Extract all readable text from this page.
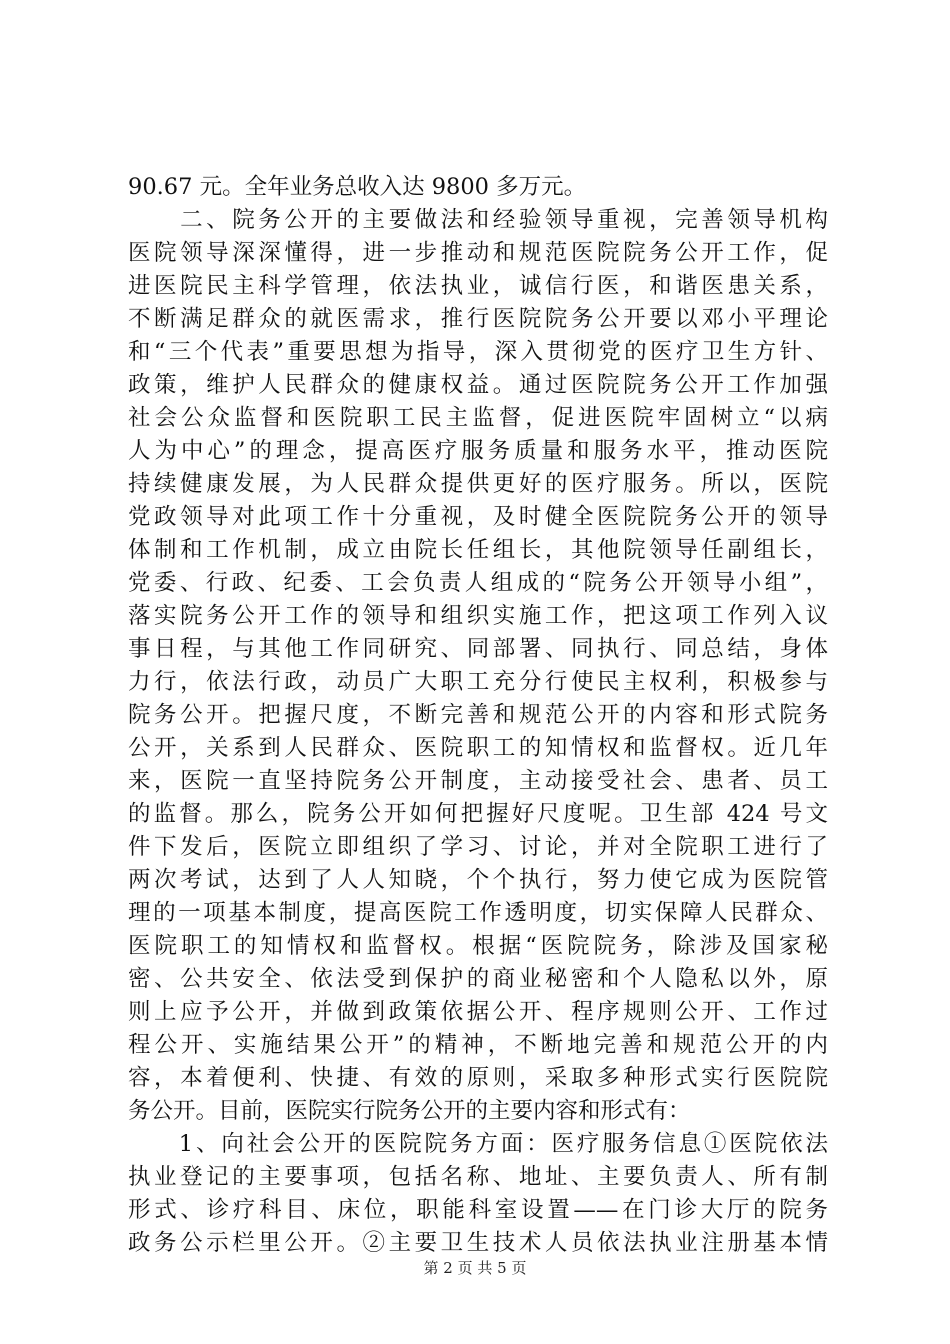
90.67 元。全年业务总收入达 9800 多万元。
　　二、院务公开的主要做法和经验领导重视，完善领导机构
医院领导深深懂得，进一步推动和规范医院院务公开工作，促
进医院民主科学管理，依法执业，诚信行医，和谐医患关系，
不断满足群众的就医需求，推行医院院务公开要以邓小平理论
和“三个代表”重要思想为指导，深入贯彻党的医疗卫生方针、
政策，维护人民群众的健康权益。通过医院院务公开工作加强
社会公众监督和医院职工民主监督，促进医院牢固树立“以病
人为中心”的理念，提高医疗服务质量和服务水平，推动医院
持续健康发展，为人民群众提供更好的医疗服务。所以，医院
党政领导对此项工作十分重视，及时健全医院院务公开的领导
体制和工作机制，成立由院长任组长，其他院领导任副组长，
党委、行政、纪委、工会负责人组成的“院务公开领导小组”，
落实院务公开工作的领导和组织实施工作，把这项工作列入议
事日程，与其他工作同研究、同部署、同执行、同总结，身体
力行，依法行政，动员广大职工充分行使民主权利，积极参与
院务公开。把握尺度，不断完善和规范公开的内容和形式院务
公开，关系到人民群众、医院职工的知情权和监督权。近几年
来，医院一直坚持院务公开制度，主动接受社会、患者、员工
的监督。那么，院务公开如何把握好尺度呢。卫生部 424 号文
件下发后，医院立即组织了学习、讨论，并对全院职工进行了
两次考试，达到了人人知晓，个个执行，努力使它成为医院管
理的一项基本制度，提高医院工作透明度，切实保障人民群众、
医院职工的知情权和监督权。根据“医院院务，除涉及国家秘
密、公共安全、依法受到保护的商业秘密和个人隐私以外，原
则上应予公开，并做到政策依据公开、程序规则公开、工作过
程公开、实施结果公开”的精神，不断地完善和规范公开的内
容，本着便利、快捷、有效的原则，采取多种形式实行医院院
务公开。目前，医院实行院务公开的主要内容和形式有：
　　1、向社会公开的医院院务方面：医疗服务信息①医院依法
执业登记的主要事项，包括名称、地址、主要负责人、所有制
形式、诊疗科目、床位，职能科室设置——在门诊大厅的院务
政务公示栏里公开。②主要卫生技术人员依法执业注册基本情
第 2 页 共 5 页
